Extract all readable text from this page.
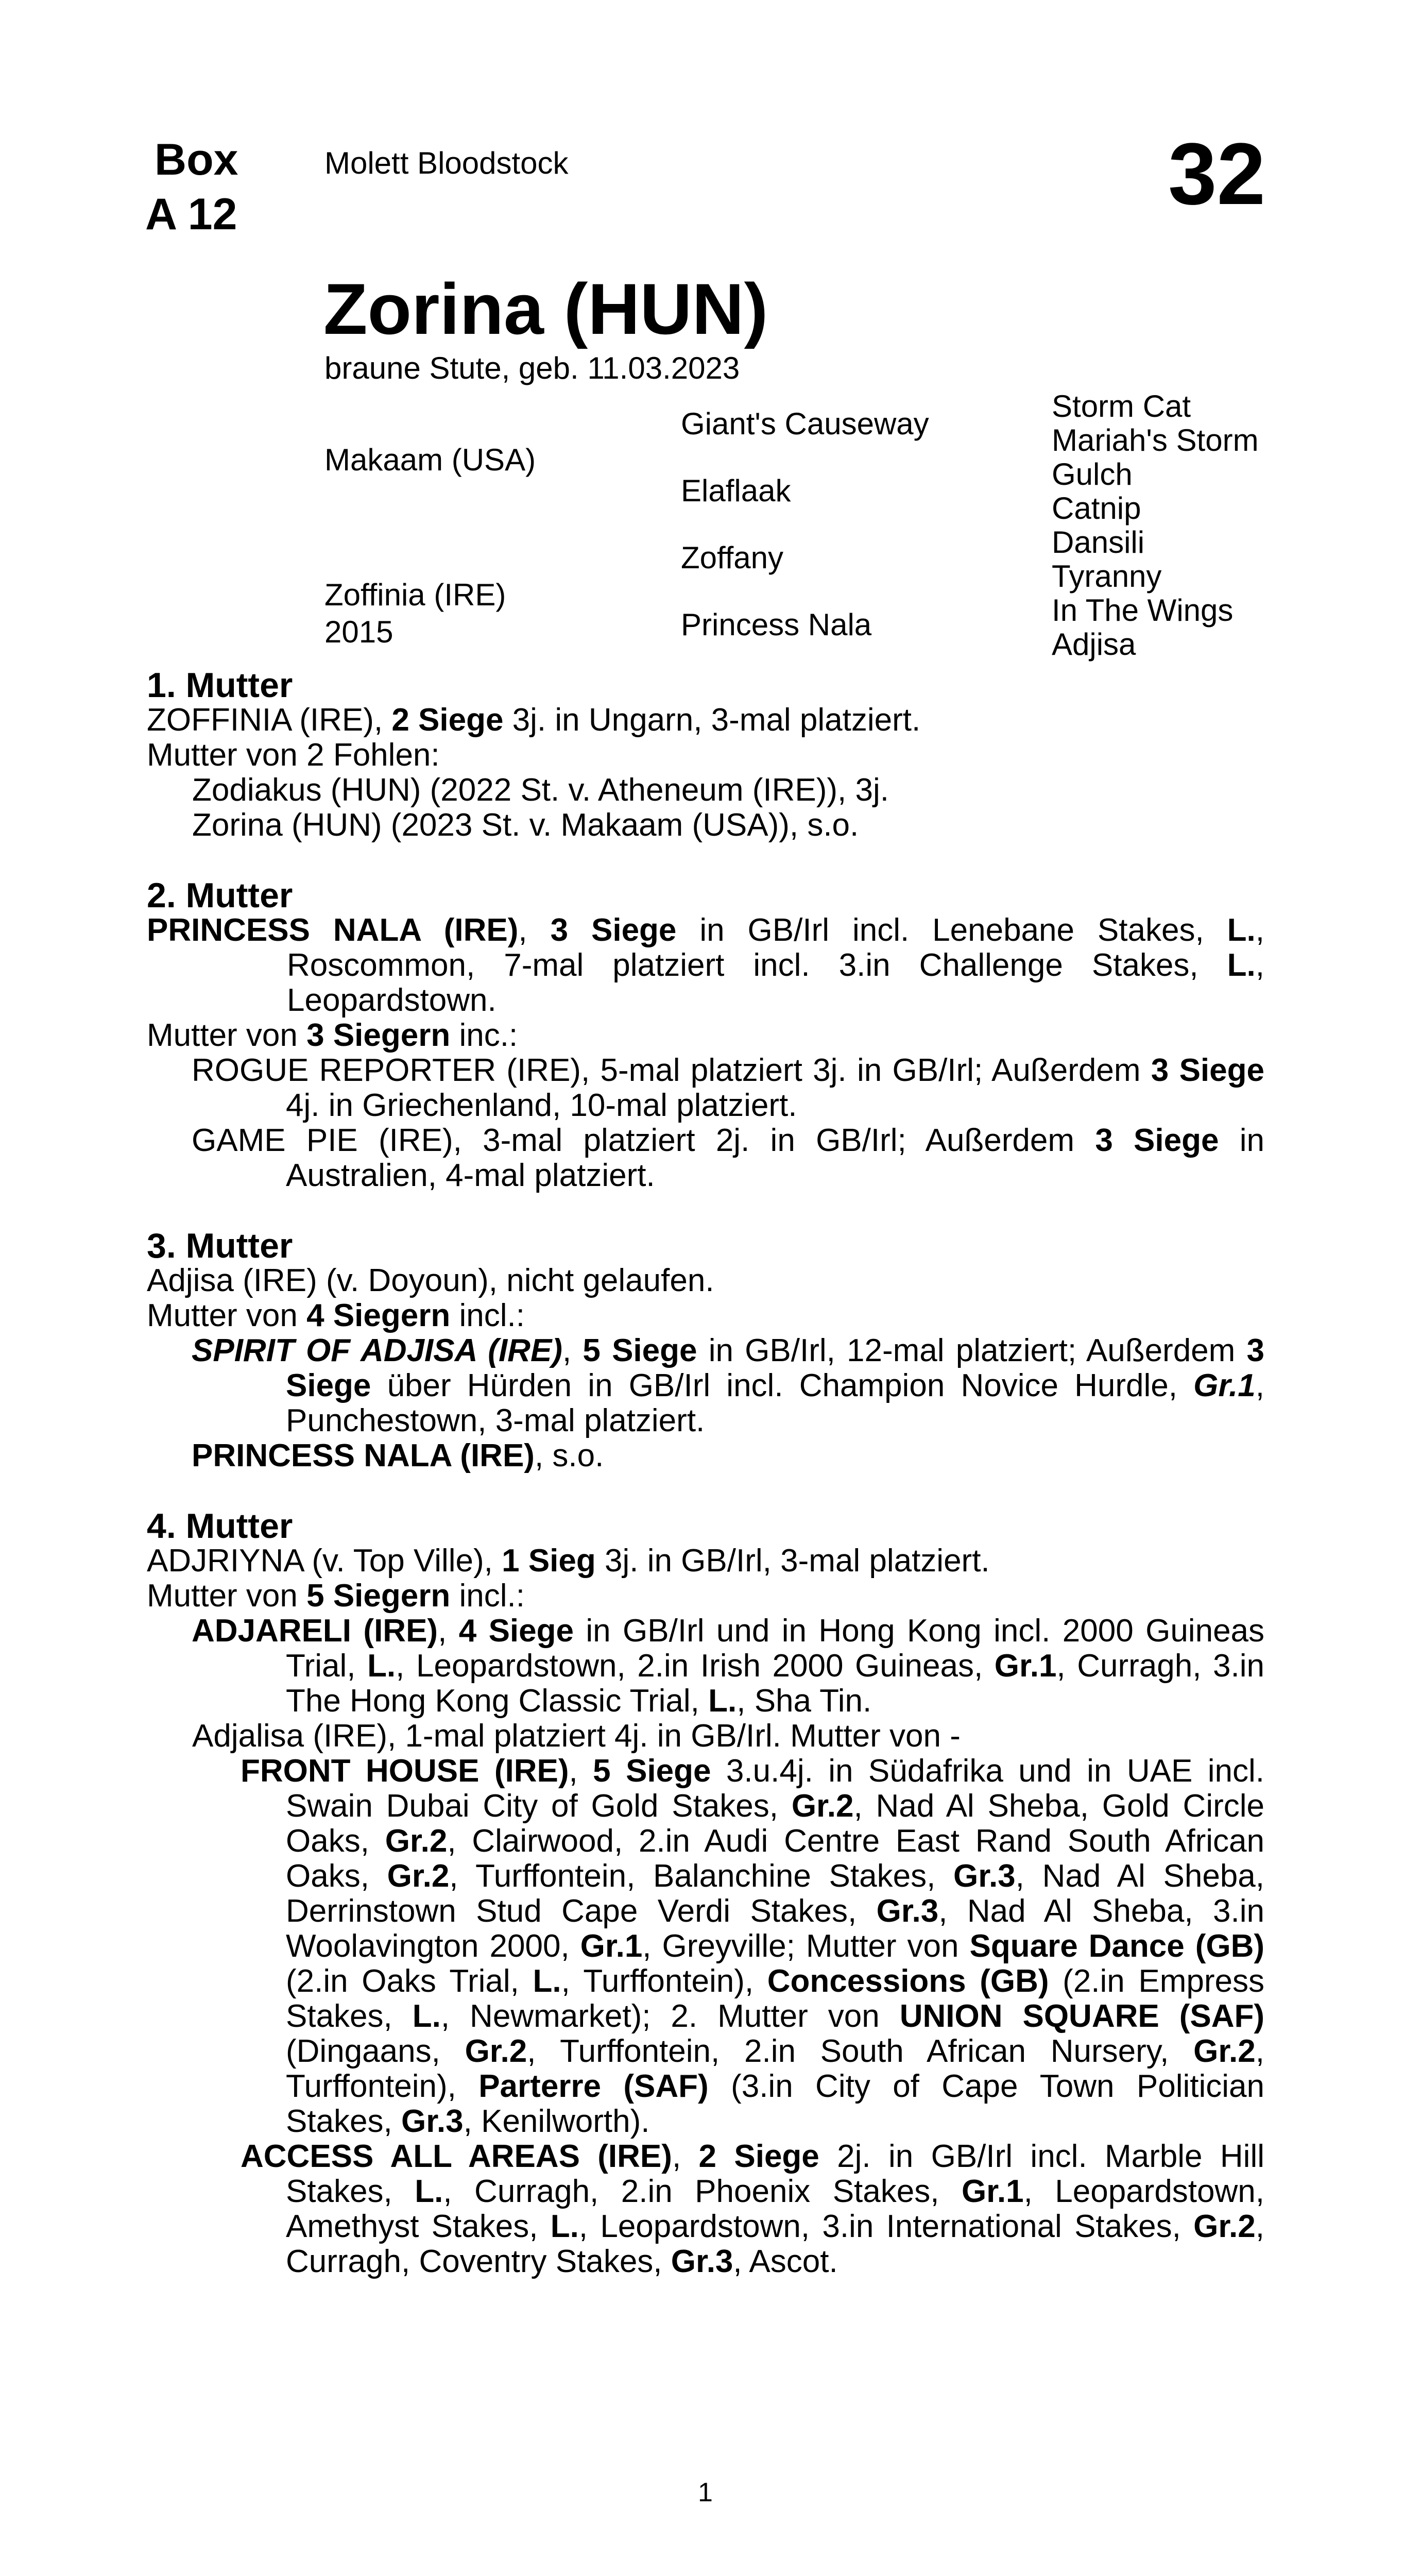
Box
A 12
Molett Bloodstock	32
Zorina (HUN)
braune Stute, geb. 11.03.2023
Makaam (USA)
Zoffinia (IRE)
2015
Giant's Causeway
Elaflaak
Zoffany
Princess Nala
Storm Cat
Mariah's Storm
Gulch
Catnip
Dansili
Tyranny
In The Wings
Adjisa
1. Mutter
ZOFFINIA (IRE), 2 Siege 3j. in Ungarn, 3-mal platziert.
Mutter von 2 Fohlen:
Zodiakus (HUN) (2022 St. v. Atheneum (IRE)), 3j.
Zorina (HUN) (2023 St. v. Makaam (USA)), s.o.
2. Mutter
PRINCESS NALA (IRE), 3 Siege in GB/Irl incl. Lenebane Stakes, L., Roscommon, 7-mal platziert incl. 3.in Challenge Stakes, L., Leopardstown.
Mutter von 3 Siegern inc.:
ROGUE REPORTER (IRE), 5-mal platziert 3j. in GB/Irl; Außerdem 3 Siege 4j. in Griechenland, 10-mal platziert.
GAME PIE (IRE), 3-mal platziert 2j. in GB/Irl; Außerdem 3 Siege in Australien, 4-mal platziert.
3. Mutter
Adjisa (IRE) (v. Doyoun), nicht gelaufen.
Mutter von 4 Siegern incl.:
SPIRIT OF ADJISA (IRE), 5 Siege in GB/Irl, 12-mal platziert; Außerdem 3 Siege über Hürden in GB/Irl incl. Champion Novice Hurdle, Gr.1, Punchestown, 3-mal platziert.
PRINCESS NALA (IRE), s.o.
4. Mutter
ADJRIYNA (v. Top Ville), 1 Sieg 3j. in GB/Irl, 3-mal platziert.
Mutter von 5 Siegern incl.:
ADJARELI (IRE), 4 Siege in GB/Irl und in Hong Kong incl. 2000 Guineas Trial, L., Leopardstown, 2.in Irish 2000 Guineas, Gr.1, Curragh, 3.in The Hong Kong Classic Trial, L., Sha Tin.
Adjalisa (IRE), 1-mal platziert 4j. in GB/Irl. Mutter von -
FRONT HOUSE (IRE), 5 Siege 3.u.4j. in Südafrika und in UAE incl. Swain Dubai City of Gold Stakes, Gr.2, Nad Al Sheba, Gold Circle Oaks, Gr.2, Clairwood, 2.in Audi Centre East Rand South African Oaks, Gr.2, Turffontein, Balanchine Stakes, Gr.3, Nad Al Sheba, Derrinstown Stud Cape Verdi Stakes, Gr.3, Nad Al Sheba, 3.in Woolavington 2000, Gr.1, Greyville; Mutter von Square Dance (GB) (2.in Oaks Trial, L., Turffontein), Concessions (GB) (2.in Empress Stakes, L., Newmarket); 2. Mutter von UNION SQUARE (SAF) (Dingaans, Gr.2, Turffontein, 2.in South African Nursery, Gr.2, Turffontein), Parterre (SAF) (3.in City of Cape Town Politician Stakes, Gr.3, Kenilworth).
ACCESS ALL AREAS (IRE), 2 Siege 2j. in GB/Irl incl. Marble Hill Stakes, L., Curragh, 2.in Phoenix Stakes, Gr.1, Leopardstown, Amethyst Stakes, L., Leopardstown, 3.in International Stakes, Gr.2, Curragh, Coventry Stakes, Gr.3, Ascot.
1
